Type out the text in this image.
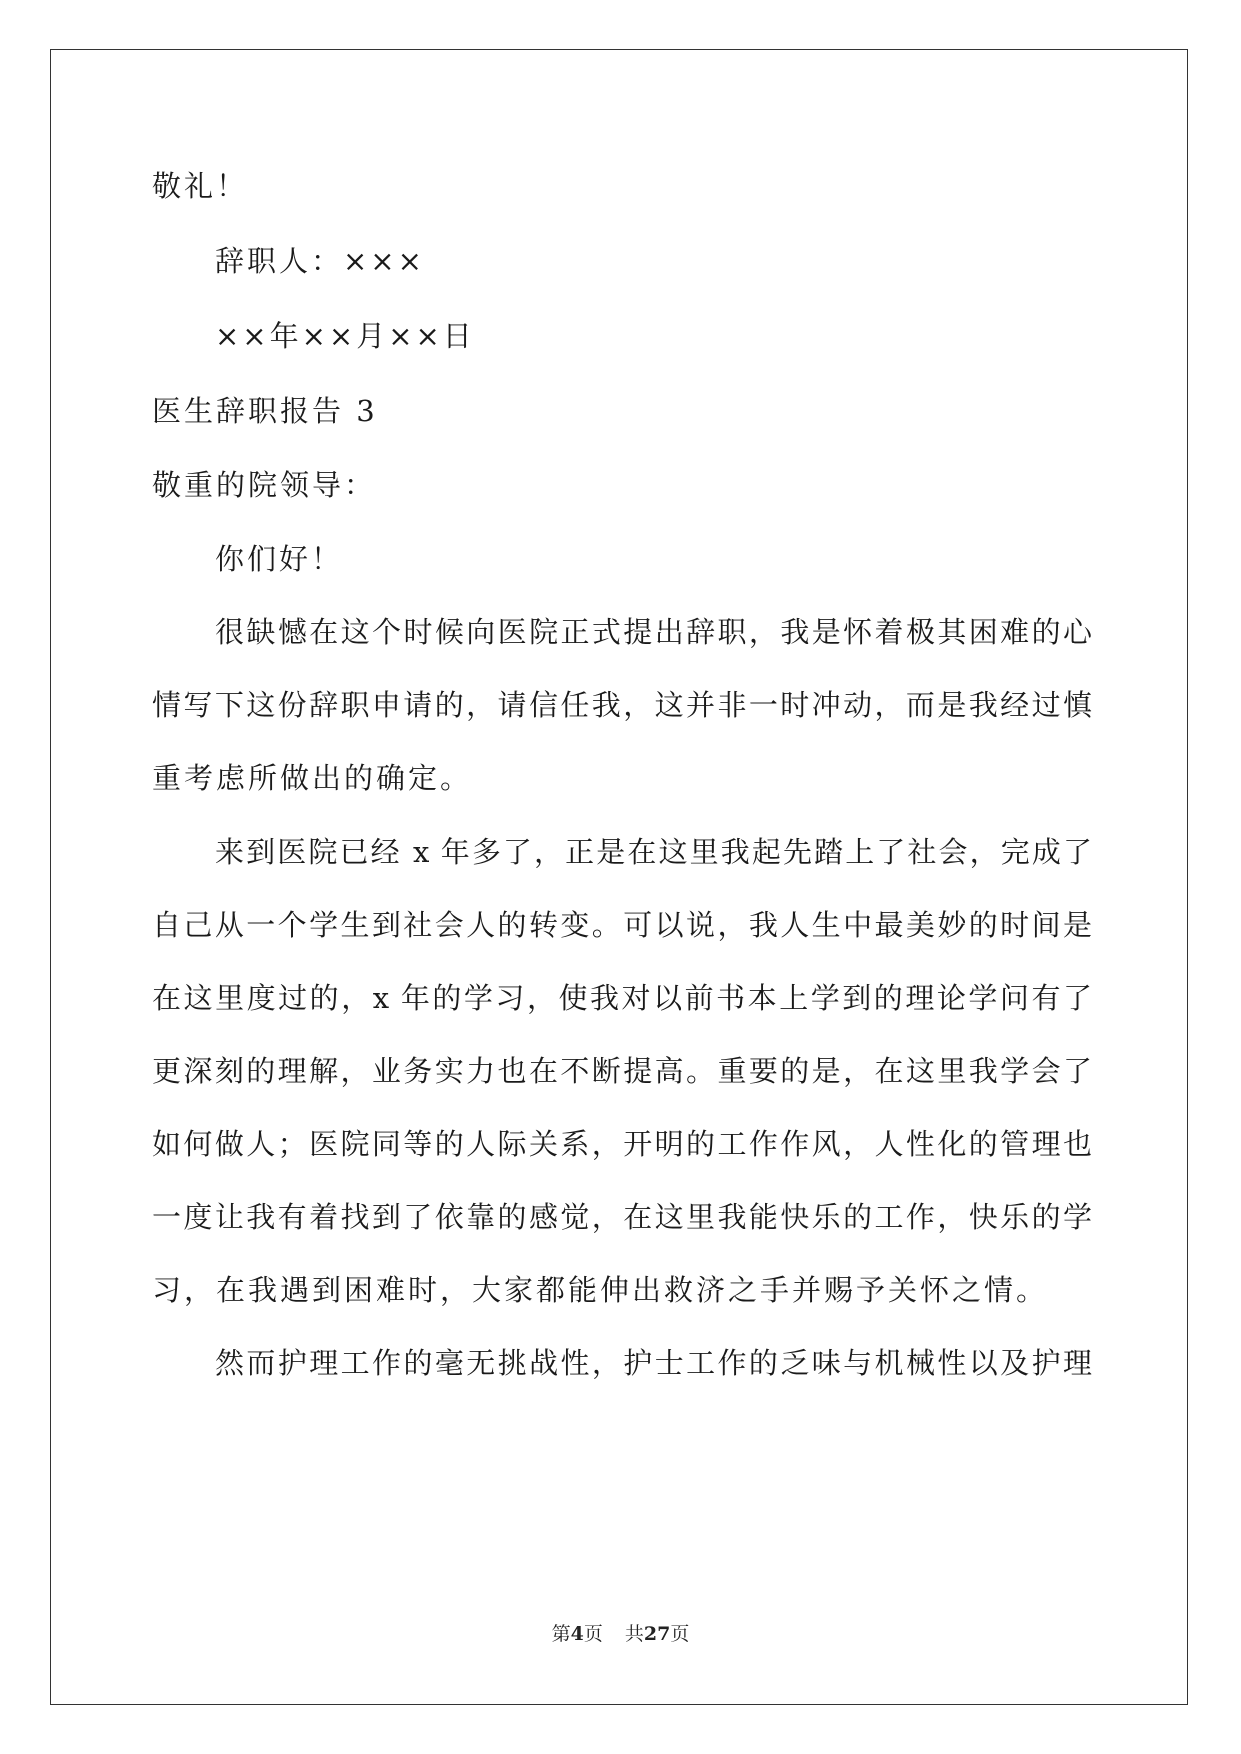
敬礼！
辞职人：×××
××年××月××日
医生辞职报告 3
敬重的院领导：
你们好！
很缺憾在这个时候向医院正式提出辞职，我是怀着极其困难的心
情写下这份辞职申请的，请信任我，这并非一时冲动，而是我经过慎
重考虑所做出的确定。
来到医院已经 x 年多了，正是在这里我起先踏上了社会，完成了
自己从一个学生到社会人的转变。可以说，我人生中最美妙的时间是
在这里度过的，x 年的学习，使我对以前书本上学到的理论学问有了
更深刻的理解，业务实力也在不断提高。重要的是，在这里我学会了
如何做人；医院同等的人际关系，开明的工作作风，人性化的管理也
一度让我有着找到了依靠的感觉，在这里我能快乐的工作，快乐的学
习，在我遇到困难时，大家都能伸出救济之手并赐予关怀之情。
然而护理工作的毫无挑战性，护士工作的乏味与机械性以及护理
第4页 共27页
